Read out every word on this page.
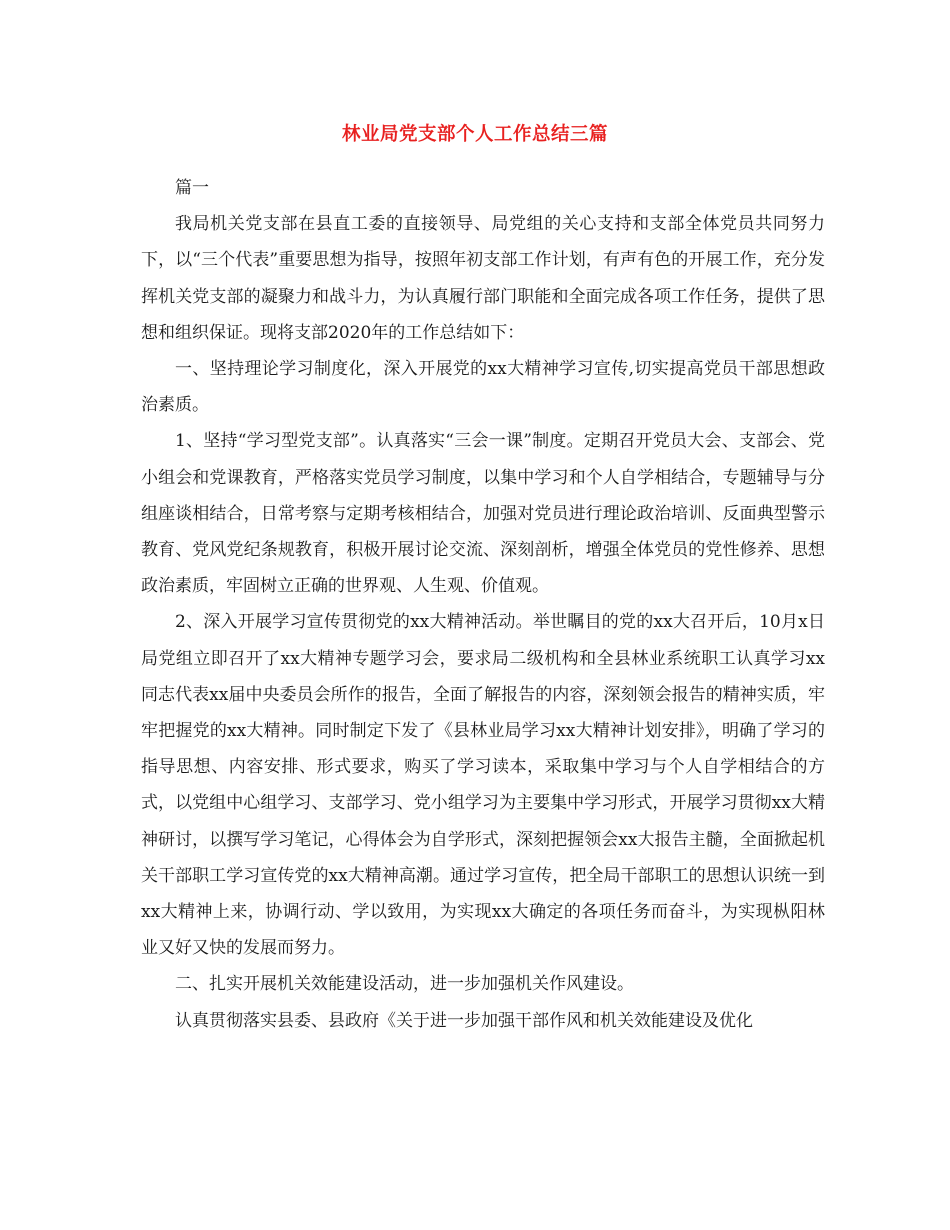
林业局党支部个人工作总结三篇

篇一

我局机关党支部在县直工委的直接领导、局党组的关心支持和支部全体党员共同努力下，以“三个代表”重要思想为指导，按照年初支部工作计划，有声有色的开展工作，充分发挥机关党支部的凝聚力和战斗力，为认真履行部门职能和全面完成各项工作任务，提供了思想和组织保证。现将支部2020年的工作总结如下：

一、坚持理论学习制度化，深入开展党的xx大精神学习宣传,切实提高党员干部思想政治素质。

1、坚持“学习型党支部”。认真落实“三会一课”制度。定期召开党员大会、支部会、党小组会和党课教育，严格落实党员学习制度，以集中学习和个人自学相结合，专题辅导与分组座谈相结合，日常考察与定期考核相结合，加强对党员进行理论政治培训、反面典型警示教育、党风党纪条规教育，积极开展讨论交流、深刻剖析，增强全体党员的党性修养、思想政治素质，牢固树立正确的世界观、人生观、价值观。

2、深入开展学习宣传贯彻党的xx大精神活动。举世瞩目的党的xx大召开后，10月x日局党组立即召开了xx大精神专题学习会，要求局二级机构和全县林业系统职工认真学习xx同志代表xx届中央委员会所作的报告，全面了解报告的内容，深刻领会报告的精神实质，牢牢把握党的xx大精神。同时制定下发了《县林业局学习xx大精神计划安排》，明确了学习的指导思想、内容安排、形式要求，购买了学习读本，采取集中学习与个人自学相结合的方式，以党组中心组学习、支部学习、党小组学习为主要集中学习形式，开展学习贯彻xx大精神研讨，以撰写学习笔记，心得体会为自学形式，深刻把握领会xx大报告主髓，全面掀起机关干部职工学习宣传党的xx大精神高潮。通过学习宣传，把全局干部职工的思想认识统一到xx大精神上来，协调行动、学以致用，为实现xx大确定的各项任务而奋斗，为实现枞阳林业又好又快的发展而努力。

二、扎实开展机关效能建设活动，进一步加强机关作风建设。

认真贯彻落实县委、县政府《关于进一步加强干部作风和机关效能建设及优化
